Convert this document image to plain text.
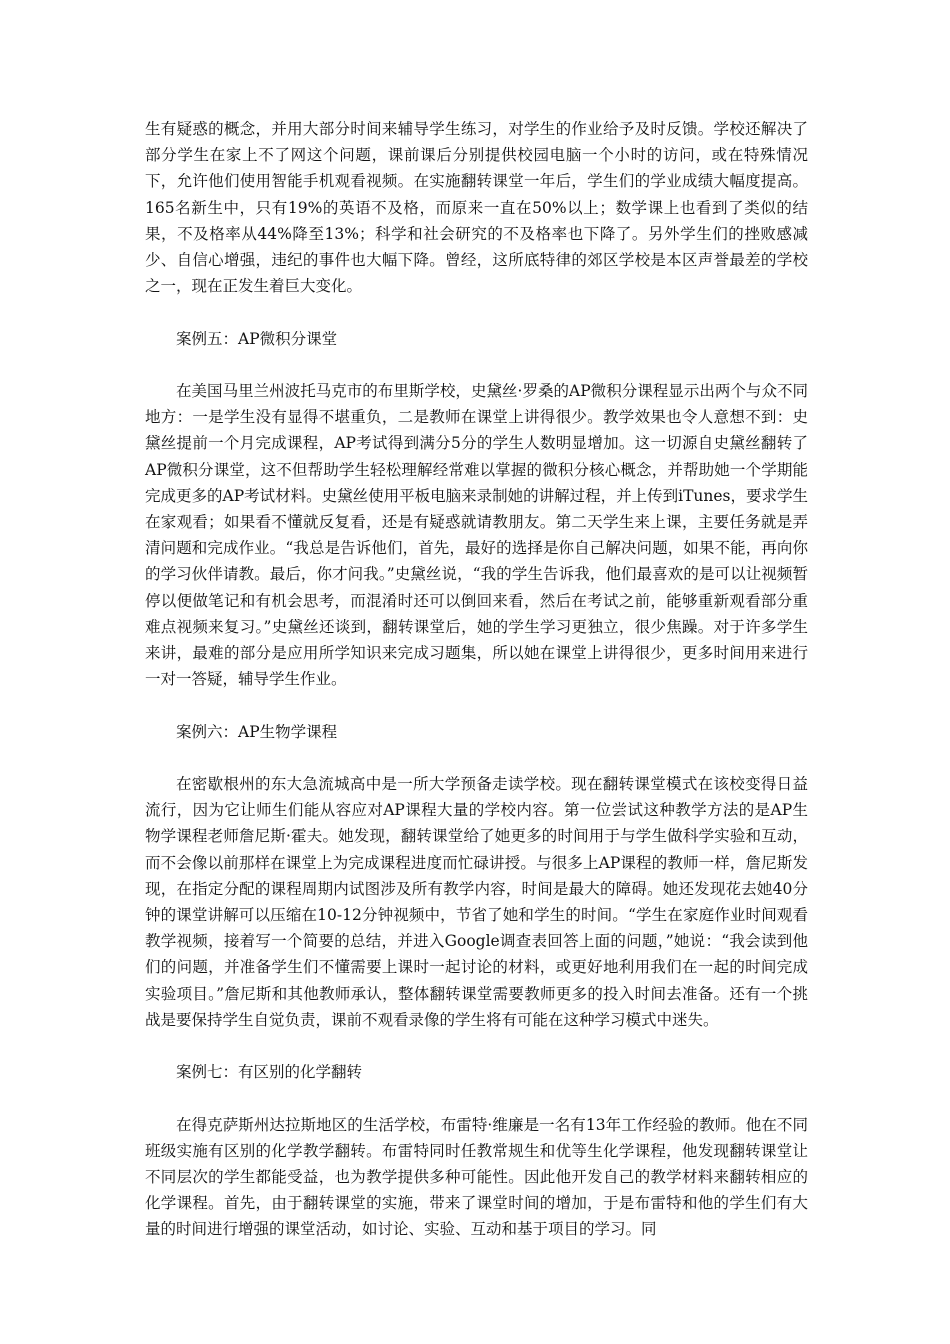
生有疑惑的概念，并用大部分时间来辅导学生练习，对学生的作业给予及时反馈。学校还解决了部分学生在家上不了网这个问题，课前课后分别提供校园电脑一个小时的访问，或在特殊情况下，允许他们使用智能手机观看视频。在实施翻转课堂一年后，学生们的学业成绩大幅度提高。165名新生中，只有19%的英语不及格，而原来一直在50%以上；数学课上也看到了类似的结果，不及格率从44%降至13%；科学和社会研究的不及格率也下降了。另外学生们的挫败感减少、自信心增强，违纪的事件也大幅下降。曾经，这所底特律的郊区学校是本区声誉最差的学校之一，现在正发生着巨大变化。

案例五：AP微积分课堂

在美国马里兰州波托马克市的布里斯学校，史黛丝·罗桑的AP微积分课程显示出两个与众不同地方：一是学生没有显得不堪重负，二是教师在课堂上讲得很少。教学效果也令人意想不到：史黛丝提前一个月完成课程，AP考试得到满分5分的学生人数明显增加。这一切源自史黛丝翻转了AP微积分课堂，这不但帮助学生轻松理解经常难以掌握的微积分核心概念，并帮助她一个学期能完成更多的AP考试材料。史黛丝使用平板电脑来录制她的讲解过程，并上传到iTunes，要求学生在家观看；如果看不懂就反复看，还是有疑惑就请教朋友。第二天学生来上课，主要任务就是弄清问题和完成作业。“我总是告诉他们，首先，最好的选择是你自己解决问题，如果不能，再向你的学习伙伴请教。最后，你才问我。”史黛丝说，“我的学生告诉我，他们最喜欢的是可以让视频暂停以便做笔记和有机会思考，而混淆时还可以倒回来看，然后在考试之前，能够重新观看部分重难点视频来复习。”史黛丝还谈到，翻转课堂后，她的学生学习更独立，很少焦躁。对于许多学生来讲，最难的部分是应用所学知识来完成习题集，所以她在课堂上讲得很少，更多时间用来进行一对一答疑，辅导学生作业。

案例六：AP生物学课程

在密歇根州的东大急流城高中是一所大学预备走读学校。现在翻转课堂模式在该校变得日益流行，因为它让师生们能从容应对AP课程大量的学校内容。第一位尝试这种教学方法的是AP生物学课程老师詹尼斯·霍夫。她发现，翻转课堂给了她更多的时间用于与学生做科学实验和互动，而不会像以前那样在课堂上为完成课程进度而忙碌讲授。与很多上AP课程的教师一样，詹尼斯发现，在指定分配的课程周期内试图涉及所有教学内容，时间是最大的障碍。她还发现花去她40分钟的课堂讲解可以压缩在10-12分钟视频中，节省了她和学生的时间。“学生在家庭作业时间观看教学视频，接着写一个简要的总结，并进入Google调查表回答上面的问题，”她说：“我会读到他们的问题，并准备学生们不懂需要上课时一起讨论的材料，或更好地利用我们在一起的时间完成实验项目。”詹尼斯和其他教师承认，整体翻转课堂需要教师更多的投入时间去准备。还有一个挑战是要保持学生自觉负责，课前不观看录像的学生将有可能在这种学习模式中迷失。

案例七：有区别的化学翻转

在得克萨斯州达拉斯地区的生活学校，布雷特·维廉是一名有13年工作经验的教师。他在不同班级实施有区别的化学教学翻转。布雷特同时任教常规生和优等生化学课程，他发现翻转课堂让不同层次的学生都能受益，也为教学提供多种可能性。因此他开发自己的教学材料来翻转相应的化学课程。首先，由于翻转课堂的实施，带来了课堂时间的增加，于是布雷特和他的学生们有大量的时间进行增强的课堂活动，如讨论、实验、互动和基于项目的学习。同
